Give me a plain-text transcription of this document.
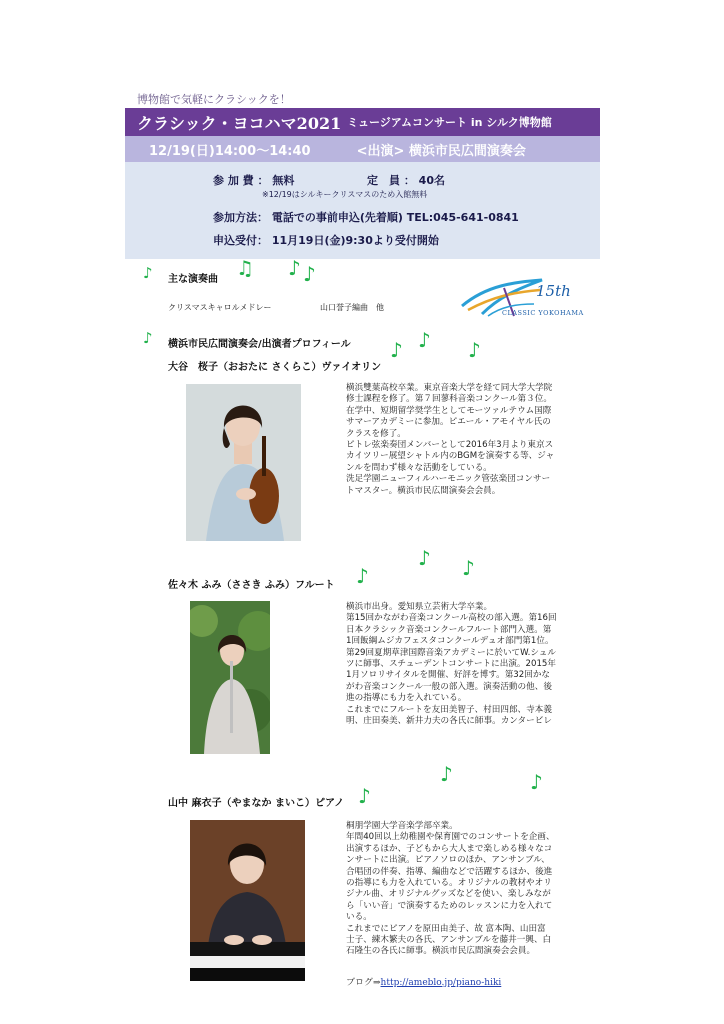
博物館で気軽にクラシックを！
クラシック・ヨコハマ2021 ミュージアムコンサート in シルク博物館
12/19(日)14:00～14:40	<出演> 横浜市民広間演奏会
参 加 費 ： 無料	定　員 ： 40名
※12/19はシルキークリスマスのため入館無料
参加方法： 電話での事前申込(先着順) TEL:045-641-0841
申込受付： 11月19日(金)9:30より受付開始
♪ 主な演奏曲 ♫ ♪ ♪
クリスマスキャロルメドレー	山口誉子編曲　他
15th
CLASSIC YOKOHAMA
♪ 横浜市民広間演奏会/出演者プロフィール ♪ ♪ ♪
大谷　桜子（おおたに さくらこ）ヴァイオリン

横浜雙葉高校卒業。東京音楽大学を経て同大学大学院

修士課程を修了。第７回蓼科音楽コンクール第３位。

在学中、短期留学奨学生としてモーツァルテウム国際

サマーアカデミーに参加。ピエール・アモイヤル氏の

クラスを修了。

ピトレ弦楽奏団メンバーとして2016年3月より東京ス

カイツリー展望シャトル内のBGMを演奏する等、ジャ

ンルを問わず様々な活動をしている。

洗足学園ニューフィルハーモニック管弦楽団コンサー

トマスター。横浜市民広間演奏会会員。

♪ ♪
♪
佐々木 ふみ（ささき ふみ）フルート

横浜市出身。愛知県立芸術大学卒業。

第15回かながわ音楽コンクール高校の部入選。第16回

日本クラシック音楽コンクールフルート部門入選。第

1回飯綱ムジカフェスタコンクールデュオ部門第1位。

第29回夏期草津国際音楽アカデミーに於いてW.シュル

ツに師事、スチューデントコンサートに出演。2015年

1月ソロリサイタルを開催、好評を博す。第32回かな

がわ音楽コンクール一般の部入選。演奏活動の他、後

進の指導にも力を入れている。

これまでにフルートを友田美智子、村田四郎、寺本義

明、庄田奏美、新井力夫の各氏に師事。カンタービレ

♪	♪
♪
山中 麻衣子（やまなか まいこ）ピアノ

桐朋学園大学音楽学部卒業。

年間40回以上幼稚園や保育園でのコンサートを企画、

出演するほか、子どもから大人まで楽しめる様々なコ

ンサートに出演。ピアノソロのほか、アンサンブル、

合唱団の伴奏、指導、編曲などで活躍するほか、後進

の指導にも力を入れている。オリジナルの教材やオリ

ジナル曲、オリジナルグッズなどを使い、楽しみなが

ら「いい音」で演奏するためのレッスンに力を入れて

いる。

これまでにピアノを原田由美子、故 富本陶、山田富

士子、練木繁夫の各氏、アンサンブルを藤井一興、白

石隆生の各氏に師事。横浜市民広間演奏会会員。

ブログ⇒http://ameblo.jp/piano-hiki
